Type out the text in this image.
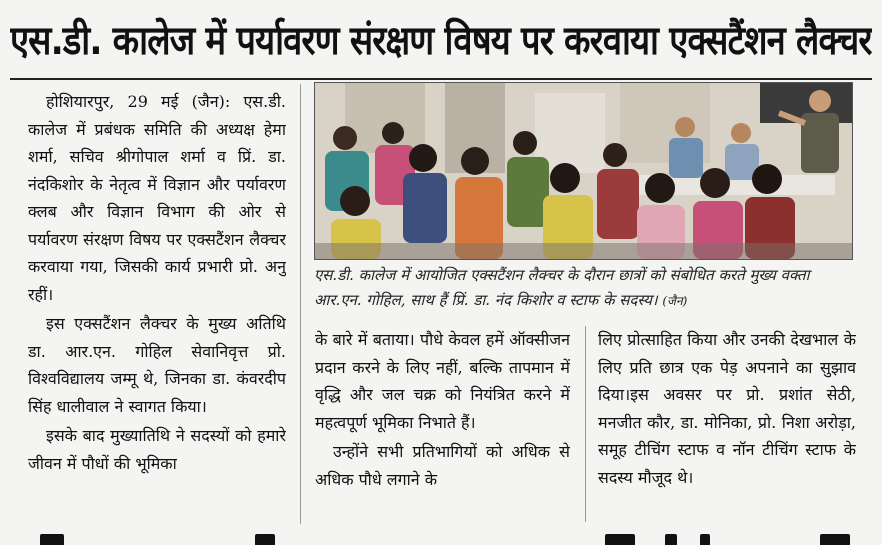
एस.डी. कालेज में पर्यावरण संरक्षण विषय पर करवाया एक्सटैंशन लैक्चर

होशियारपुर, 29 मई (जैन): एस.डी. कालेज में प्रबंधक समिति की अध्यक्ष हेमा शर्मा, सचिव श्रीगोपाल शर्मा व प्रिं. डा. नंदकिशोर के नेतृत्व में विज्ञान और पर्यावरण क्लब और विज्ञान विभाग की ओर से पर्यावरण संरक्षण विषय पर एक्सटैंशन लैक्चर करवाया गया, जिसकी कार्य प्रभारी प्रो. अनु रहीं।

इस एक्सटैंशन लैक्चर के मुख्य अतिथि डा. आर.एन. गोहिल सेवानिवृत्त प्रो. विश्वविद्यालय जम्मू थे, जिनका डा. कंवरदीप सिंह धालीवाल ने स्वागत किया।

इसके बाद मुख्यातिथि ने सदस्यों को हमारे जीवन में पौधों की भूमिका

एस.डी. कालेज में आयोजित एक्सटैंशन लैक्चर के दौरान छात्रों को संबोधित करते मुख्य वक्ता आर.एन. गोहिल, साथ हैं प्रिं. डा. नंद किशोर व स्टाफ के सदस्य। (जैन)

के बारे में बताया। पौधे केवल हमें ऑक्सीजन प्रदान करने के लिए नहीं, बल्कि तापमान में वृद्धि और जल चक्र को नियंत्रित करने में महत्वपूर्ण भूमिका निभाते हैं।

उन्होंने सभी प्रतिभागियों को अधिक से अधिक पौधे लगाने के

लिए प्रोत्साहित किया और उनकी देखभाल के लिए प्रति छात्र एक पेड़ अपनाने का सुझाव दिया।इस अवसर पर प्रो. प्रशांत सेठी, मनजीत कौर, डा. मोनिका, प्रो. निशा अरोड़ा, समूह टीचिंग स्टाफ व नॉन टीचिंग स्टाफ के सदस्य मौजूद थे।
